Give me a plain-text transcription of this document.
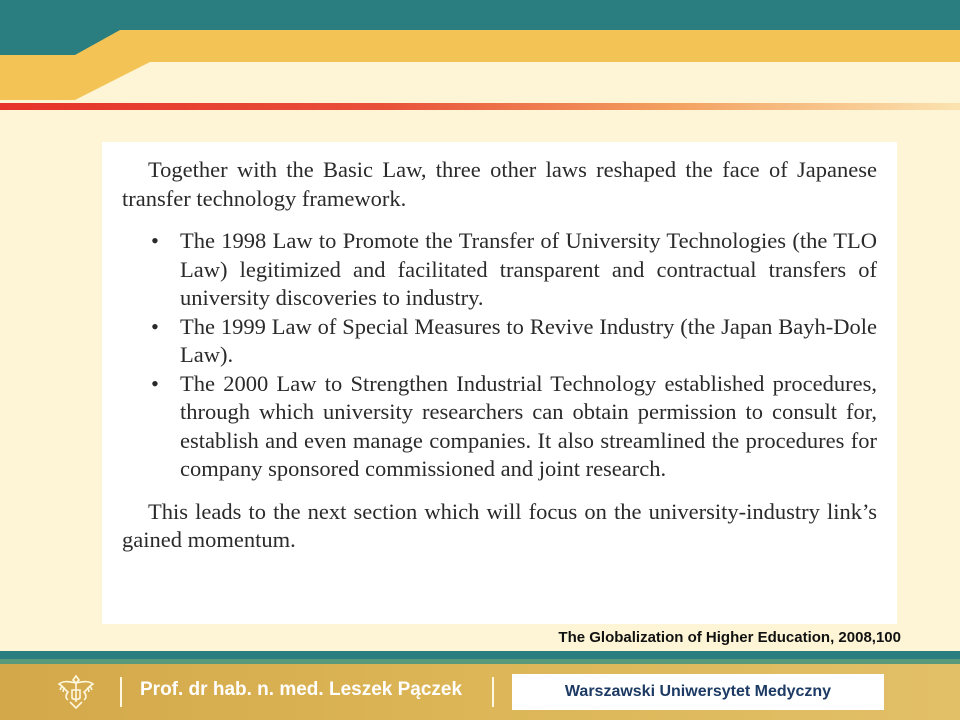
Together with the Basic Law, three other laws reshaped the face of Japanese transfer technology framework.

• The 1998 Law to Promote the Transfer of University Technologies (the TLO Law) legitimized and facilitated transparent and contractual transfers of university discoveries to industry.
• The 1999 Law of Special Measures to Revive Industry (the Japan Bayh-Dole Law).
• The 2000 Law to Strengthen Industrial Technology established procedures, through which university researchers can obtain permission to consult for, establish and even manage companies. It also streamlined the procedures for company sponsored commissioned and joint research.

This leads to the next section which will focus on the university-industry link’s gained momentum.

The Globalization of Higher Education, 2008,100
Prof. dr hab. n. med. Leszek Pączek	Warszawski Uniwersytet Medyczny
